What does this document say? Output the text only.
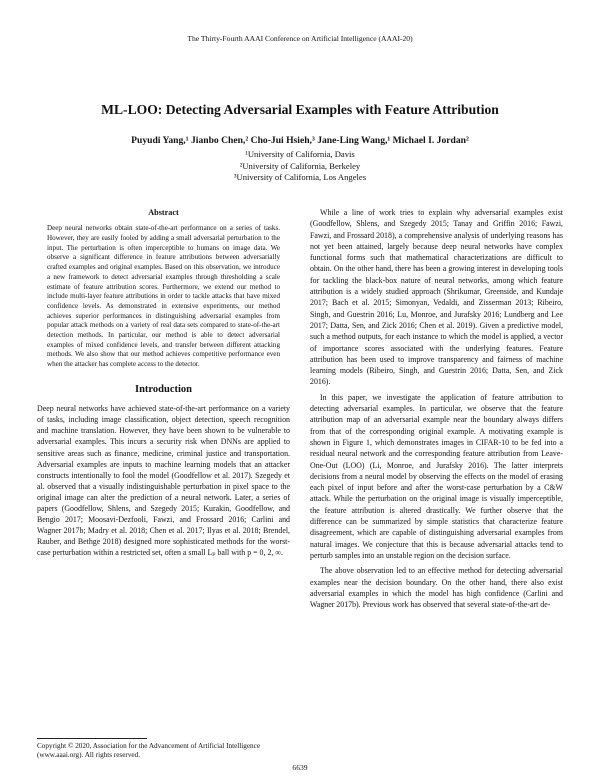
The Thirty-Fourth AAAI Conference on Artificial Intelligence (AAAI-20)
ML-LOO: Detecting Adversarial Examples with Feature Attribution
Puyudi Yang,¹ Jianbo Chen,² Cho-Jui Hsieh,³ Jane-Ling Wang,¹ Michael I. Jordan²
¹University of California, Davis
²University of California, Berkeley
³University of California, Los Angeles
Abstract

Deep neural networks obtain state-of-the-art performance on a series of tasks. However, they are easily fooled by adding a small adversarial perturbation to the input. The perturbation is often imperceptible to humans on image data. We observe a significant difference in feature attributions between adversarially crafted examples and original examples. Based on this observation, we introduce a new framework to detect adversarial examples through thresholding a scale estimate of feature attribution scores. Furthermore, we extend our method to include multi-layer feature attributions in order to tackle attacks that have mixed confidence levels. As demonstrated in extensive experiments, our method achieves superior performances in distinguishing adversarial examples from popular attack methods on a variety of real data sets compared to state-of-the-art detection methods. In particular, our method is able to detect adversarial examples of mixed confidence levels, and transfer between different attacking methods. We also show that our method achieves competitive performance even when the attacker has complete access to the detector.

Introduction

Deep neural networks have achieved state-of-the-art performance on a variety of tasks, including image classification, object detection, speech recognition and machine translation. However, they have been shown to be vulnerable to adversarial examples. This incurs a security risk when DNNs are applied to sensitive areas such as finance, medicine, criminal justice and transportation. Adversarial examples are inputs to machine learning models that an attacker constructs intentionally to fool the model (Goodfellow et al. 2017). Szegedy et al. observed that a visually indistinguishable perturbation in pixel space to the original image can alter the prediction of a neural network. Later, a series of papers (Goodfellow, Shlens, and Szegedy 2015; Kurakin, Goodfellow, and Bengio 2017; Moosavi-Dezfooli, Fawzi, and Frossard 2016; Carlini and Wagner 2017b; Madry et al. 2018; Chen et al. 2017; Ilyas et al. 2018; Brendel, Rauber, and Bethge 2018) designed more sophisticated methods for the worst-case perturbation within a restricted set, often a small Lₚ ball with p = 0, 2, ∞.

While a line of work tries to explain why adversarial examples exist (Goodfellow, Shlens, and Szegedy 2015; Tanay and Griffin 2016; Fawzi, Fawzi, and Frossard 2018), a comprehensive analysis of underlying reasons has not yet been attained, largely because deep neural networks have complex functional forms such that mathematical characterizations are difficult to obtain. On the other hand, there has been a growing interest in developing tools for tackling the black-box nature of neural networks, among which feature attribution is a widely studied approach (Shrikumar, Greenside, and Kundaje 2017; Bach et al. 2015; Simonyan, Vedaldi, and Zisserman 2013; Ribeiro, Singh, and Guestrin 2016; Lu, Monroe, and Jurafsky 2016; Lundberg and Lee 2017; Datta, Sen, and Zick 2016; Chen et al. 2019). Given a predictive model, such a method outputs, for each instance to which the model is applied, a vector of importance scores associated with the underlying features. Feature attribution has been used to improve transparency and fairness of machine learning models (Ribeiro, Singh, and Guestrin 2016; Datta, Sen, and Zick 2016).

In this paper, we investigate the application of feature attribution to detecting adversarial examples. In particular, we observe that the feature attribution map of an adversarial example near the boundary always differs from that of the corresponding original example. A motivating example is shown in Figure 1, which demonstrates images in CIFAR-10 to be fed into a residual neural network and the corresponding feature attribution from Leave-One-Out (LOO) (Li, Monroe, and Jurafsky 2016). The latter interprets decisions from a neural model by observing the effects on the model of erasing each pixel of input before and after the worst-case perturbation by a C&W attack. While the perturbation on the original image is visually imperceptible, the feature attribution is altered drastically. We further observe that the difference can be summarized by simple statistics that characterize feature disagreement, which are capable of distinguishing adversarial examples from natural images. We conjecture that this is because adversarial attacks tend to perturb samples into an unstable region on the decision surface.

The above observation led to an effective method for detecting adversarial examples near the decision boundary. On the other hand, there also exist adversarial examples in which the model has high confidence (Carlini and Wagner 2017b). Previous work has observed that several state-of-the-art de-

Copyright © 2020, Association for the Advancement of Artificial Intelligence (www.aaai.org). All rights reserved.
6639
